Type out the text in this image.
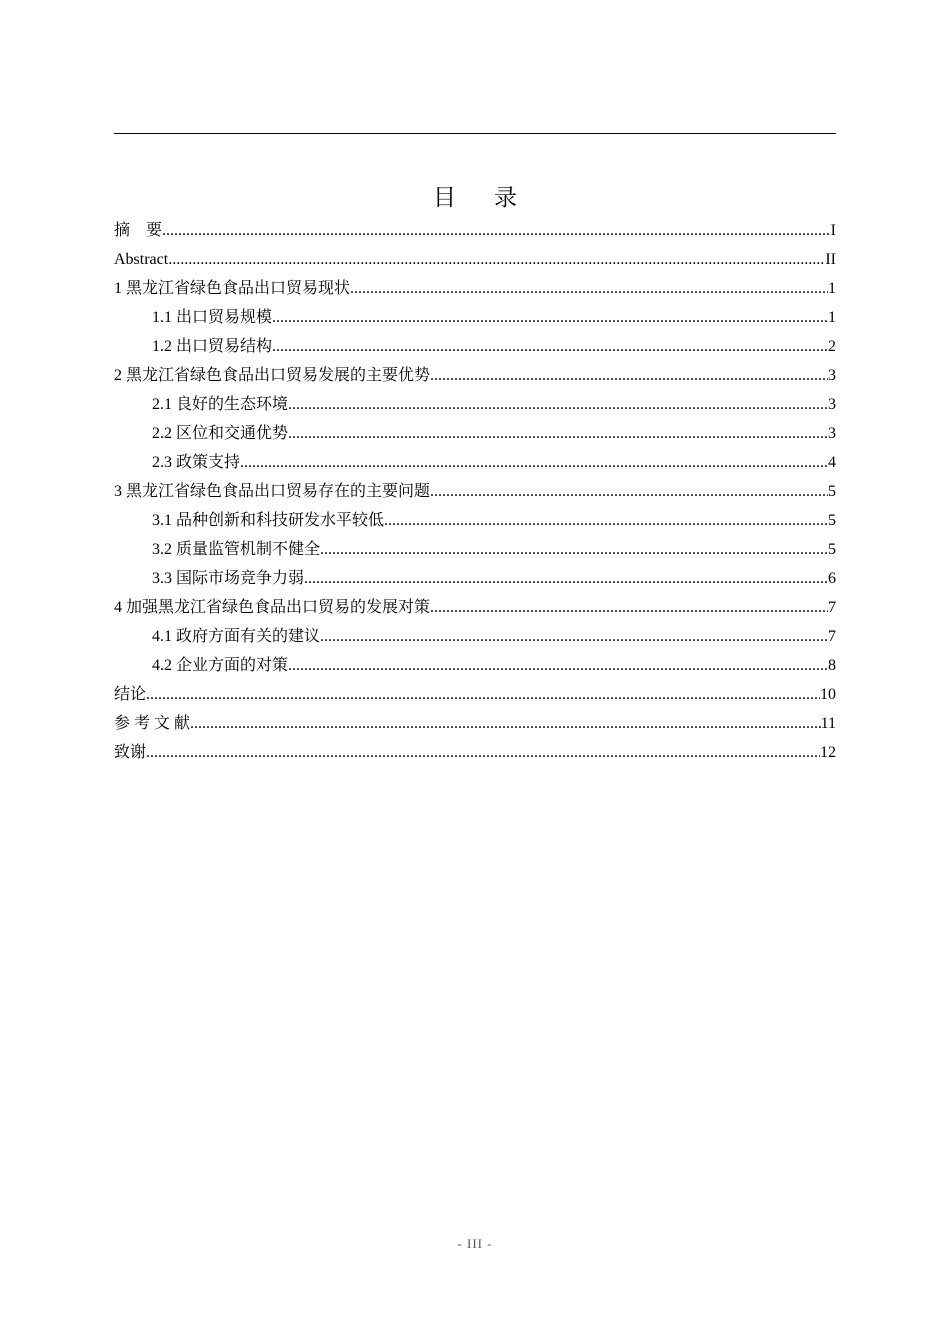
目录
摘　要 .....	I
Abstract .....	II
1 黑龙江省绿色食品出口贸易现状 .....	1
1.1 出口贸易规模 .....	1
1.2 出口贸易结构 .....	2
2 黑龙江省绿色食品出口贸易发展的主要优势 .....	3
2.1 良好的生态环境 .....	3
2.2 区位和交通优势 .....	3
2.3 政策支持 .....	4
3 黑龙江省绿色食品出口贸易存在的主要问题 .....	5
3.1 品种创新和科技研发水平较低 .....	5
3.2 质量监管机制不健全 .....	5
3.3 国际市场竞争力弱 .....	6
4 加强黑龙江省绿色食品出口贸易的发展对策 .....	7
4.1 政府方面有关的建议 .....	7
4.2 企业方面的对策 .....	8
结论 .....	10
参 考 文 献 .....	11
致谢 .....	12
- III -
